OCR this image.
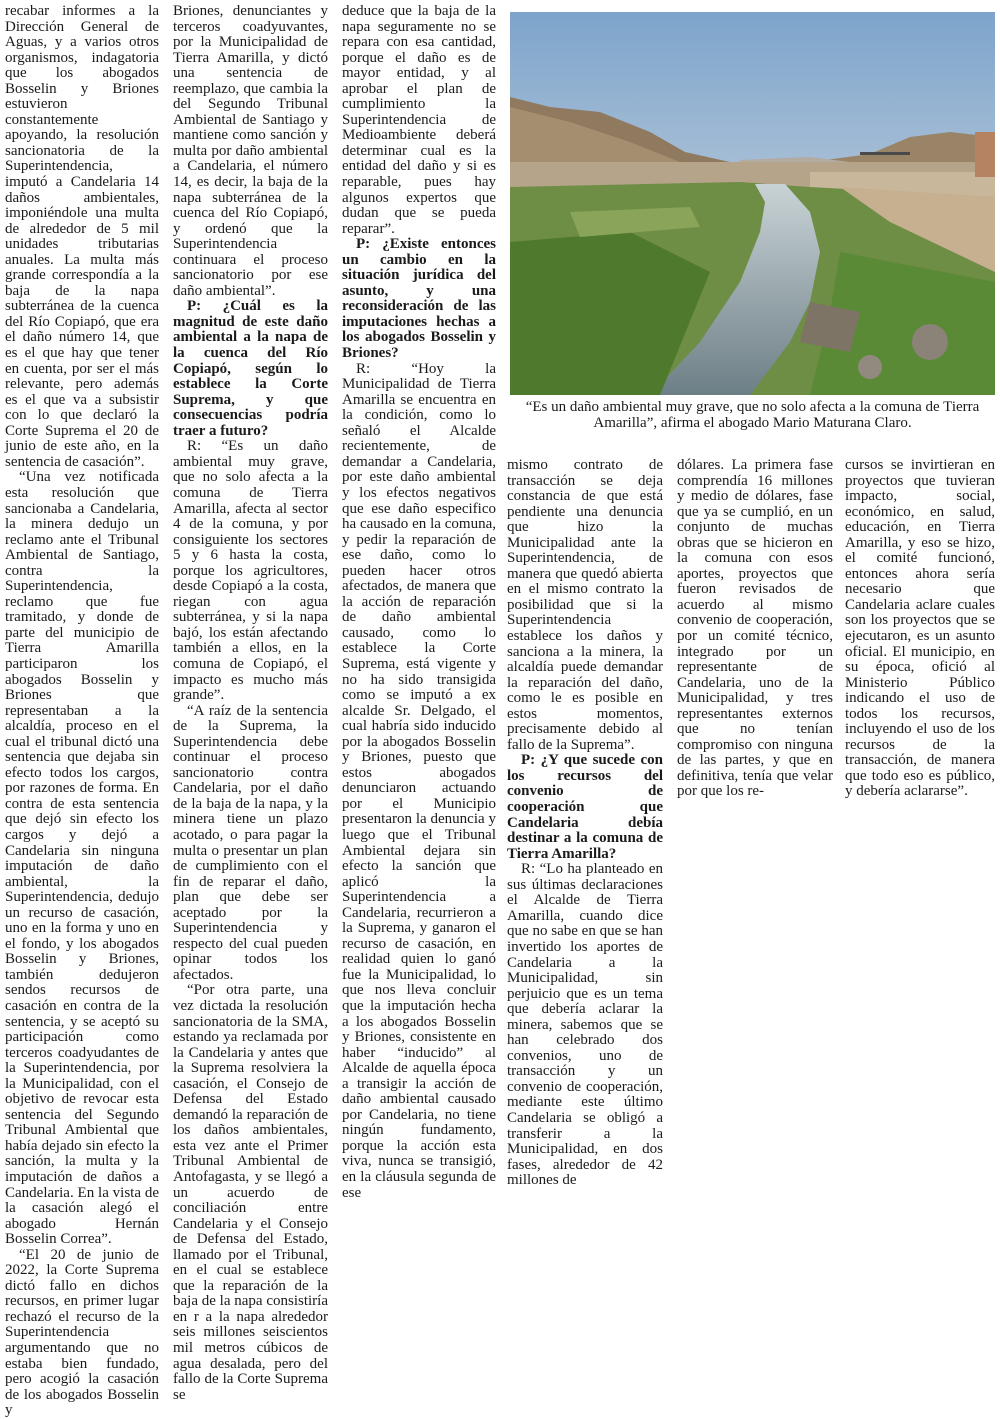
recabar informes a la Dirección General de Aguas, y a varios otros organismos, indagatoria que los abogados Bosselin y Briones estuvieron constantemente apoyando, la resolución sancionatoria de la Superintendencia, imputó a Candelaria 14 daños ambientales, imponiéndole una multa de alrededor de 5 mil unidades tributarias anuales. La multa más grande correspondía a la baja de la napa subterránea de la cuenca del Río Copiapó, que era el daño número 14, que es el que hay que tener en cuenta, por ser el más relevante, pero además es el que va a subsistir con lo que declaró la Corte Suprema el 20 de junio de este año, en la sentencia de casación”.

“Una vez notificada esta resolución que sancionaba a Candelaria, la minera dedujo un reclamo ante el Tribunal Ambiental de Santiago, contra la Superintendencia, reclamo que fue tramitado, y donde de parte del municipio de Tierra Amarilla participaron los abogados Bosselin y Briones que representaban a la alcaldía, proceso en el cual el tribunal dictó una sentencia que dejaba sin efecto todos los cargos, por razones de forma. En contra de esta sentencia que dejó sin efecto los cargos y dejó a Candelaria sin ninguna imputación de daño ambiental, la Superintendencia, dedujo un recurso de casación, uno en la forma y uno en el fondo, y los abogados Bosselin y Briones, también dedujeron sendos recursos de casación en contra de la sentencia, y se aceptó su participación como terceros coadyudantes de la Superintendencia, por la Municipalidad, con el objetivo de revocar esta sentencia del Segundo Tribunal Ambiental que había dejado sin efecto la sanción, la multa y la imputación de daños a Candelaria. En la vista de la casación alegó el abogado Hernán Bosselin Correa”.

“El 20 de junio de 2022, la Corte Suprema dictó fallo en dichos recursos, en primer lugar rechazó el recurso de la Superintendencia argumentando que no estaba bien fundado, pero acogió la casación de los abogados Bosselin y

Briones, denunciantes y terceros coadyuvantes, por la Municipalidad de Tierra Amarilla, y dictó una sentencia de reemplazo, que cambia la del Segundo Tribunal Ambiental de Santiago y mantiene como sanción y multa por daño ambiental a Candelaria, el número 14, es decir, la baja de la napa subterránea de la cuenca del Río Copiapó, y ordenó que la Superintendencia continuara el proceso sancionatorio por ese daño ambiental”.

P: ¿Cuál es la magnitud de este daño ambiental a la napa de la cuenca del Río Copiapó, según lo establece la Corte Suprema, y que consecuencias podría traer a futuro?

R: “Es un daño ambiental muy grave, que no solo afecta a la comuna de Tierra Amarilla, afecta al sector 4 de la comuna, y por consiguiente los sectores 5 y 6 hasta la costa, porque los agricultores, desde Copiapó a la costa, riegan con agua subterránea, y si la napa bajó, los están afectando también a ellos, en la comuna de Copiapó, el impacto es mucho más grande”.

“A raíz de la sentencia de la Suprema, la Superintendencia debe continuar el proceso sancionatorio contra Candelaria, por el daño de la baja de la napa, y la minera tiene un plazo acotado, o para pagar la multa o presentar un plan de cumplimiento con el fin de reparar el daño, plan que debe ser aceptado por la Superintendencia y respecto del cual pueden opinar todos los afectados.

“Por otra parte, una vez dictada la resolución sancionatoria de la SMA, estando ya reclamada por la Candelaria y antes que la Suprema resolviera la casación, el Consejo de Defensa del Estado demandó la reparación de los daños ambientales, esta vez ante el Primer Tribunal Ambiental de Antofagasta, y se llegó a un acuerdo de conciliación entre Candelaria y el Consejo de Defensa del Estado, llamado por el Tribunal, en el cual se establece que la reparación de la baja de la napa consistiría en r a la napa alrededor seis millones seiscientos mil metros cúbicos de agua desalada, pero del fallo de la Corte Suprema se

deduce que la baja de la napa seguramente no se repara con esa cantidad, porque el daño es de mayor entidad, y al aprobar el plan de cumplimiento la Superintendencia de Medioambiente deberá determinar cual es la entidad del daño y si es reparable, pues hay algunos expertos que dudan que se pueda reparar”.

P: ¿Existe entonces un cambio en la situación jurídica del asunto, y una reconsideración de las imputaciones hechas a los abogados Bosselin y Briones?

R: “Hoy la Municipalidad de Tierra Amarilla se encuentra en la condición, como lo señaló el Alcalde recientemente, de demandar a Candelaria, por este daño ambiental y los efectos negativos que ese daño especifico ha causado en la comuna, y pedir la reparación de ese daño, como lo pueden hacer otros afectados, de manera que la acción de reparación de daño ambiental causado, como lo establece la Corte Suprema, está vigente y no ha sido transigida como se imputó a ex alcalde Sr. Delgado, el cual habría sido inducido por la abogados Bosselin y Briones, puesto que estos abogados denunciaron actuando por el Municipio presentaron la denuncia y luego que el Tribunal Ambiental dejara sin efecto la sanción que aplicó la Superintendencia a Candelaria, recurrieron a la Suprema, y ganaron el recurso de casación, en realidad quien lo ganó fue la Municipalidad, lo que nos lleva concluir que la imputación hecha a los abogados Bosselin y Briones, consistente en haber “inducido” al Alcalde de aquella época a transigir la acción de daño ambiental causado por Candelaria, no tiene ningún fundamento, porque la acción esta viva, nunca se transigió, en la cláusula segunda de ese

“Es un daño ambiental muy grave, que no solo afecta a la comuna de Tierra Amarilla”, afirma el abogado Mario Maturana Claro.

mismo contrato de transacción se deja constancia de que está pendiente una denuncia que hizo la Municipalidad ante la Superintendencia, de manera que quedó abierta en el mismo contrato la posibilidad que si la Superintendencia establece los daños y sanciona a la minera, la alcaldía puede demandar la reparación del daño, como le es posible en estos momentos, precisamente debido al fallo de la Suprema”.

P: ¿Y que sucede con los recursos del convenio de cooperación que Candelaria debía destinar a la comuna de Tierra Amarilla?

R: “Lo ha planteado en sus últimas declaraciones el Alcalde de Tierra Amarilla, cuando dice que no sabe en que se han invertido los aportes de Candelaria a la Municipalidad, sin perjuicio que es un tema que debería aclarar la minera, sabemos que se han celebrado dos convenios, uno de transacción y un convenio de cooperación, mediante este último Candelaria se obligó a transferir a la Municipalidad, en dos fases, alrededor de 42 millones de

dólares. La primera fase comprendía 16 millones y medio de dólares, fase que ya se cumplió, en un conjunto de muchas obras que se hicieron en la comuna con esos aportes, proyectos que fueron revisados de acuerdo al mismo convenio de cooperación, por un comité técnico, integrado por un representante de Candelaria, uno de la Municipalidad, y tres representantes externos que no tenían compromiso con ninguna de las partes, y que en definitiva, tenía que velar por que los re-

cursos se invirtieran en proyectos que tuvieran impacto, social, económico, en salud, educación, en Tierra Amarilla, y eso se hizo, el comité funcionó, entonces ahora sería necesario que Candelaria aclare cuales son los proyectos que se ejecutaron, es un asunto oficial. El municipio, en su época, ofició al Ministerio Público indicando el uso de todos los recursos, incluyendo el uso de los recursos de la transacción, de manera que todo eso es público, y debería aclararse”.
